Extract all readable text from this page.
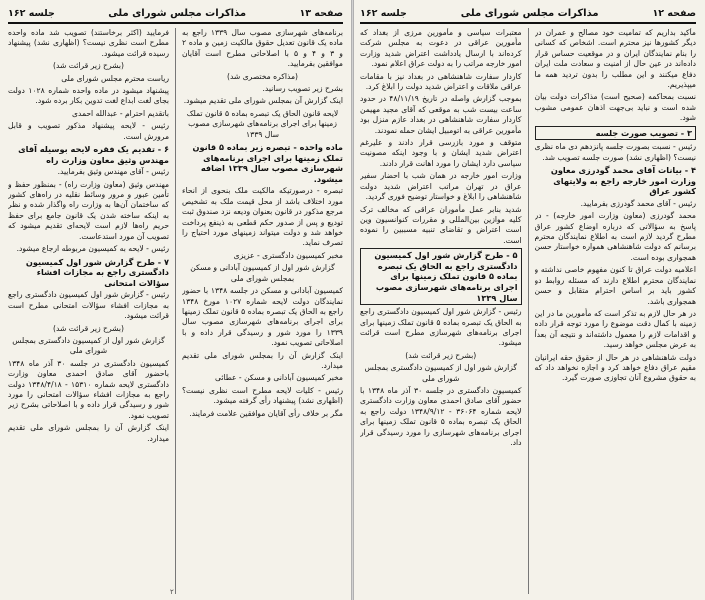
صفحه ۱۳
مذاکرات مجلس شورای ملی
جلسه ۱۶۲

برنامه‌های شهرسازی مصوب سال ۱۳۳۹ راجع به ماده یک قانون تعدیل حقوق مالکیت زمین و ماده ۲ و ۳ و ۴ و ۵ با اصلاحاتی مطرح است آقایان موافقین بفرمایید.

(مذاکره مختصری شد)

بشرح زیر تصویب رسانید.

اینک گزارش آن بمجلس شورای ملی تقدیم میشود.

لایحه قانون الحاق یک تبصره بماده ۵ قانون تملک زمینها برای اجرای برنامه‌های شهرسازی مصوب سال ۱۳۳۹

ماده واحده - تبصره زیر بماده ۵ قانون تملک زمینها برای اجرای برنامه‌های شهرسازی مصوب سال ۱۳۳۹ اضافه میشود.

تبصره - درصورتیکه مالکیت ملک بنحوی از انحاء مورد اختلاف باشد از محل قیمت ملک به تشخیص مرجع مذکور در قانون بعنوان ودیعه نزد صندوق ثبت تودیع و پس از صدور حکم قطعی به ذینفع پرداخت خواهد شد و دولت میتواند زمینهای مورد احتیاج را تصرف نماید.

مخبر کمیسیون دادگستری - عزیزی

گزارش شور اول از کمیسیون آبادانی و مسکن بمجلس شورای ملی

کمیسیون آبادانی و مسکن در جلسه ۱۳۴۸ با حضور نمایندگان دولت لایحه شماره ۱۰۲۷ مورخ ۱۳۴۸ راجع به الحاق یک تبصره بماده ۵ قانون تملک زمینها برای اجرای برنامه‌های شهرسازی مصوب سال ۱۳۳۹ را مورد شور و رسیدگی قرار داده و با اصلاحاتی تصویب نمود.

اینک گزارش آن را بمجلس شورای ملی تقدیم میدارد.

مخبر کمیسیون آبادانی و مسکن - عطائی

رئیس - کلیات لایحه مطرح است نظری نیست؟ (اظهاری نشد) پیشنهاد رأی گرفته میشود.

مگر بر خلاف رأی آقایان موافقین علامت فرمایند.

فرمایید (اکثر برخاستند) تصویب شد ماده واحده مطرح است نظری نیست؟ (اظهاری نشد) پیشنهاد رسیده قرائت میشود.

(بشرح زیر قرائت شد)

ریاست محترم مجلس شورای ملی

پیشنهاد میشود در ماده واحده شماره ۱۰۲۸ دولت بجای لغت ابداع لغت تدوین بکار برده شود.

باتقدیم احترام - عبدالله احمدی

رئیس - لایحه پیشنهاد مذکور تصویب و قابل مرورش است.

۶ - تقدیم یک فقره لایحه بوسیله آقای مهندس وثیق معاون وزارت راه

رئیس - آقای مهندس وثیق بفرمایید.

مهندس وثیق (معاون وزارت راه) - بمنظور حفظ و تأمین عبور و مرور وسائط نقلیه در راه‌های کشور که ساختمان آن‌ها به وزارت راه واگذار شده و نظر به اینکه ساخته شدن یک قانون جامع برای حفظ حریم راه‌ها لازم است لایحه‌ای تقدیم میشود که تصویب آن مورد استدعاست.

رئیس - لایحه به کمیسیون مربوطه ارجاع میشود.

۷ - طرح گزارش شور اول کمیسیون دادگستری راجع به مجازات افشاء سؤالات امتحانی

رئیس - گزارش شور اول کمیسیون دادگستری راجع به مجازات افشاء سؤالات امتحانی مطرح است قرائت میشود.

(بشرح زیر قرائت شد)

گزارش شور اول از کمیسیون دادگستری بمجلس شورای ملی

کمیسیون دادگستری در جلسه ۳۰ آذر ماه ۱۳۴۸ باحضور آقای صادق احمدی معاون وزارت دادگستری لایحه شماره ۱۵۳۱۰ - ۱۳۴۸/۴/۱۸ دولت راجع به مجازات افشاء سؤالات امتحانی را مورد شور و رسیدگی قرار داده و با اصلاحاتی بشرح زیر تصویب نمود.

اینک گزارش آن را بمجلس شورای ملی تقدیم میدارد.

۲
صفحه ۱۲
مذاکرات مجلس شورای ملی
جلسه ۱۶۲

مأکید بداریم که تمامیت خود مصالح و عمران در دیگر کشورها نیز محترم است. اشخاص که کسانی را بنام نمایندگان ایران و در موقعیت حساس قرار داده‌اند در عین حال از امنیت و سعادت ملت ایران دفاع میکنند و این مطلب را بدون تردید همه ما میپذیریم.

نسبت بمحاکمه (صحیح است) مذاکرات دولت بیان شده است و نباید بی‌جهت اذهان عمومی مشوب شود.

۳ - تصویب صورت جلسه

رئیس - نسبت بصورت جلسه پانزدهم دی ماه نظری نیست؟ (اظهاری نشد) صورت جلسه تصویب شد.

۴ - بیانات آقای محمد گودرزی معاون وزارت امور خارجه راجع به ولایتهای کشور عراق

رئیس - آقای محمد گودرزی بفرمایید.

محمد گودرزی (معاون وزارت امور خارجه) - در پاسخ به سؤالاتی که درباره اوضاع کشور عراق مطرح گردید لازم است به اطلاع نمایندگان محترم برسانم که دولت شاهنشاهی همواره خواستار حسن همجواری بوده است.

اعلامیه دولت عراق تا کنون مفهوم خاصی نداشته و نمایندگان محترم اطلاع دارند که مسئله روابط دو کشور باید بر اساس احترام متقابل و حسن همجواری باشد.

در هر حال لازم به تذکر است که مأمورین ما در این زمینه با کمال دقت موضوع را مورد توجه قرار داده و اقدامات لازم را معمول داشته‌اند و نتیجه آن بعداً به عرض مجلس خواهد رسید.

دولت شاهنشاهی در هر حال از حقوق حقه ایرانیان مقیم عراق دفاع خواهد کرد و اجازه نخواهد داد که به حقوق مشروع آنان تجاوزی صورت گیرد.

معتبرات سیاسی و مأمورین مرزی از بغداد که مأمورین عراقی در دعوت به مجلس شرکت کرده‌اند با ارسال یادداشت اعتراض شدید وزارت امور خارجه مراتب را به دولت عراق اعلام نمود.

کاردار سفارت شاهنشاهی در بغداد نیز با مقامات عراقی ملاقات و اعتراض شدید دولت را ابلاغ کرد.

بموجب گزارش واصله در تاریخ ۴۸/۱۱/۱۹ در حدود ساعت بیست شب به موقعی که آقای مجید مهیمن کاردار سفارت شاهنشاهی در بغداد عازم منزل بود مأمورین عراقی به اتومبیل ایشان حمله نمودند.

متوقف و مورد بازرسی قرار دادند و علیرغم اعتراض شدید ایشان و با وجود اینکه مصونیت سیاسی دارد ایشان را مورد اهانت قرار دادند.

وزارت امور خارجه در همان شب با احضار سفیر عراق در تهران مراتب اعتراض شدید دولت شاهنشاهی را ابلاغ و خواستار توضیح فوری گردید.

شدید بنابر عمل مأموران عراقی که مخالف ترک کلیه موازین بین‌المللی و مقررات کنوانسیون وین است اعتراض و تقاضای تنبیه مسببین را نموده است.

۵ - طرح گزارش شور اول کمیسیون دادگستری راجع به الحاق یک تبصره بماده ۵ قانون تملک زمینها برای اجرای برنامه‌های شهرسازی مصوب سال ۱۳۳۹

رئیس - گزارش شور اول کمیسیون دادگستری راجع به الحاق یک تبصره بماده ۵ قانون تملک زمینها برای اجرای برنامه‌های شهرسازی مطرح است قرائت میشود.

(بشرح زیر قرائت شد)

گزارش شور اول از کمیسیون دادگستری بمجلس شورای ملی

کمیسیون دادگستری در جلسه ۳۰ آذر ماه ۱۳۴۸ با حضور آقای صادق احمدی معاون وزارت دادگستری لایحه شماره ۳۶۰۶۴ - ۱۳۴۸/۹/۱۲ دولت راجع به الحاق یک تبصره بماده ۵ قانون تملک زمینها برای اجرای برنامه‌های شهرسازی را مورد رسیدگی قرار داد.
